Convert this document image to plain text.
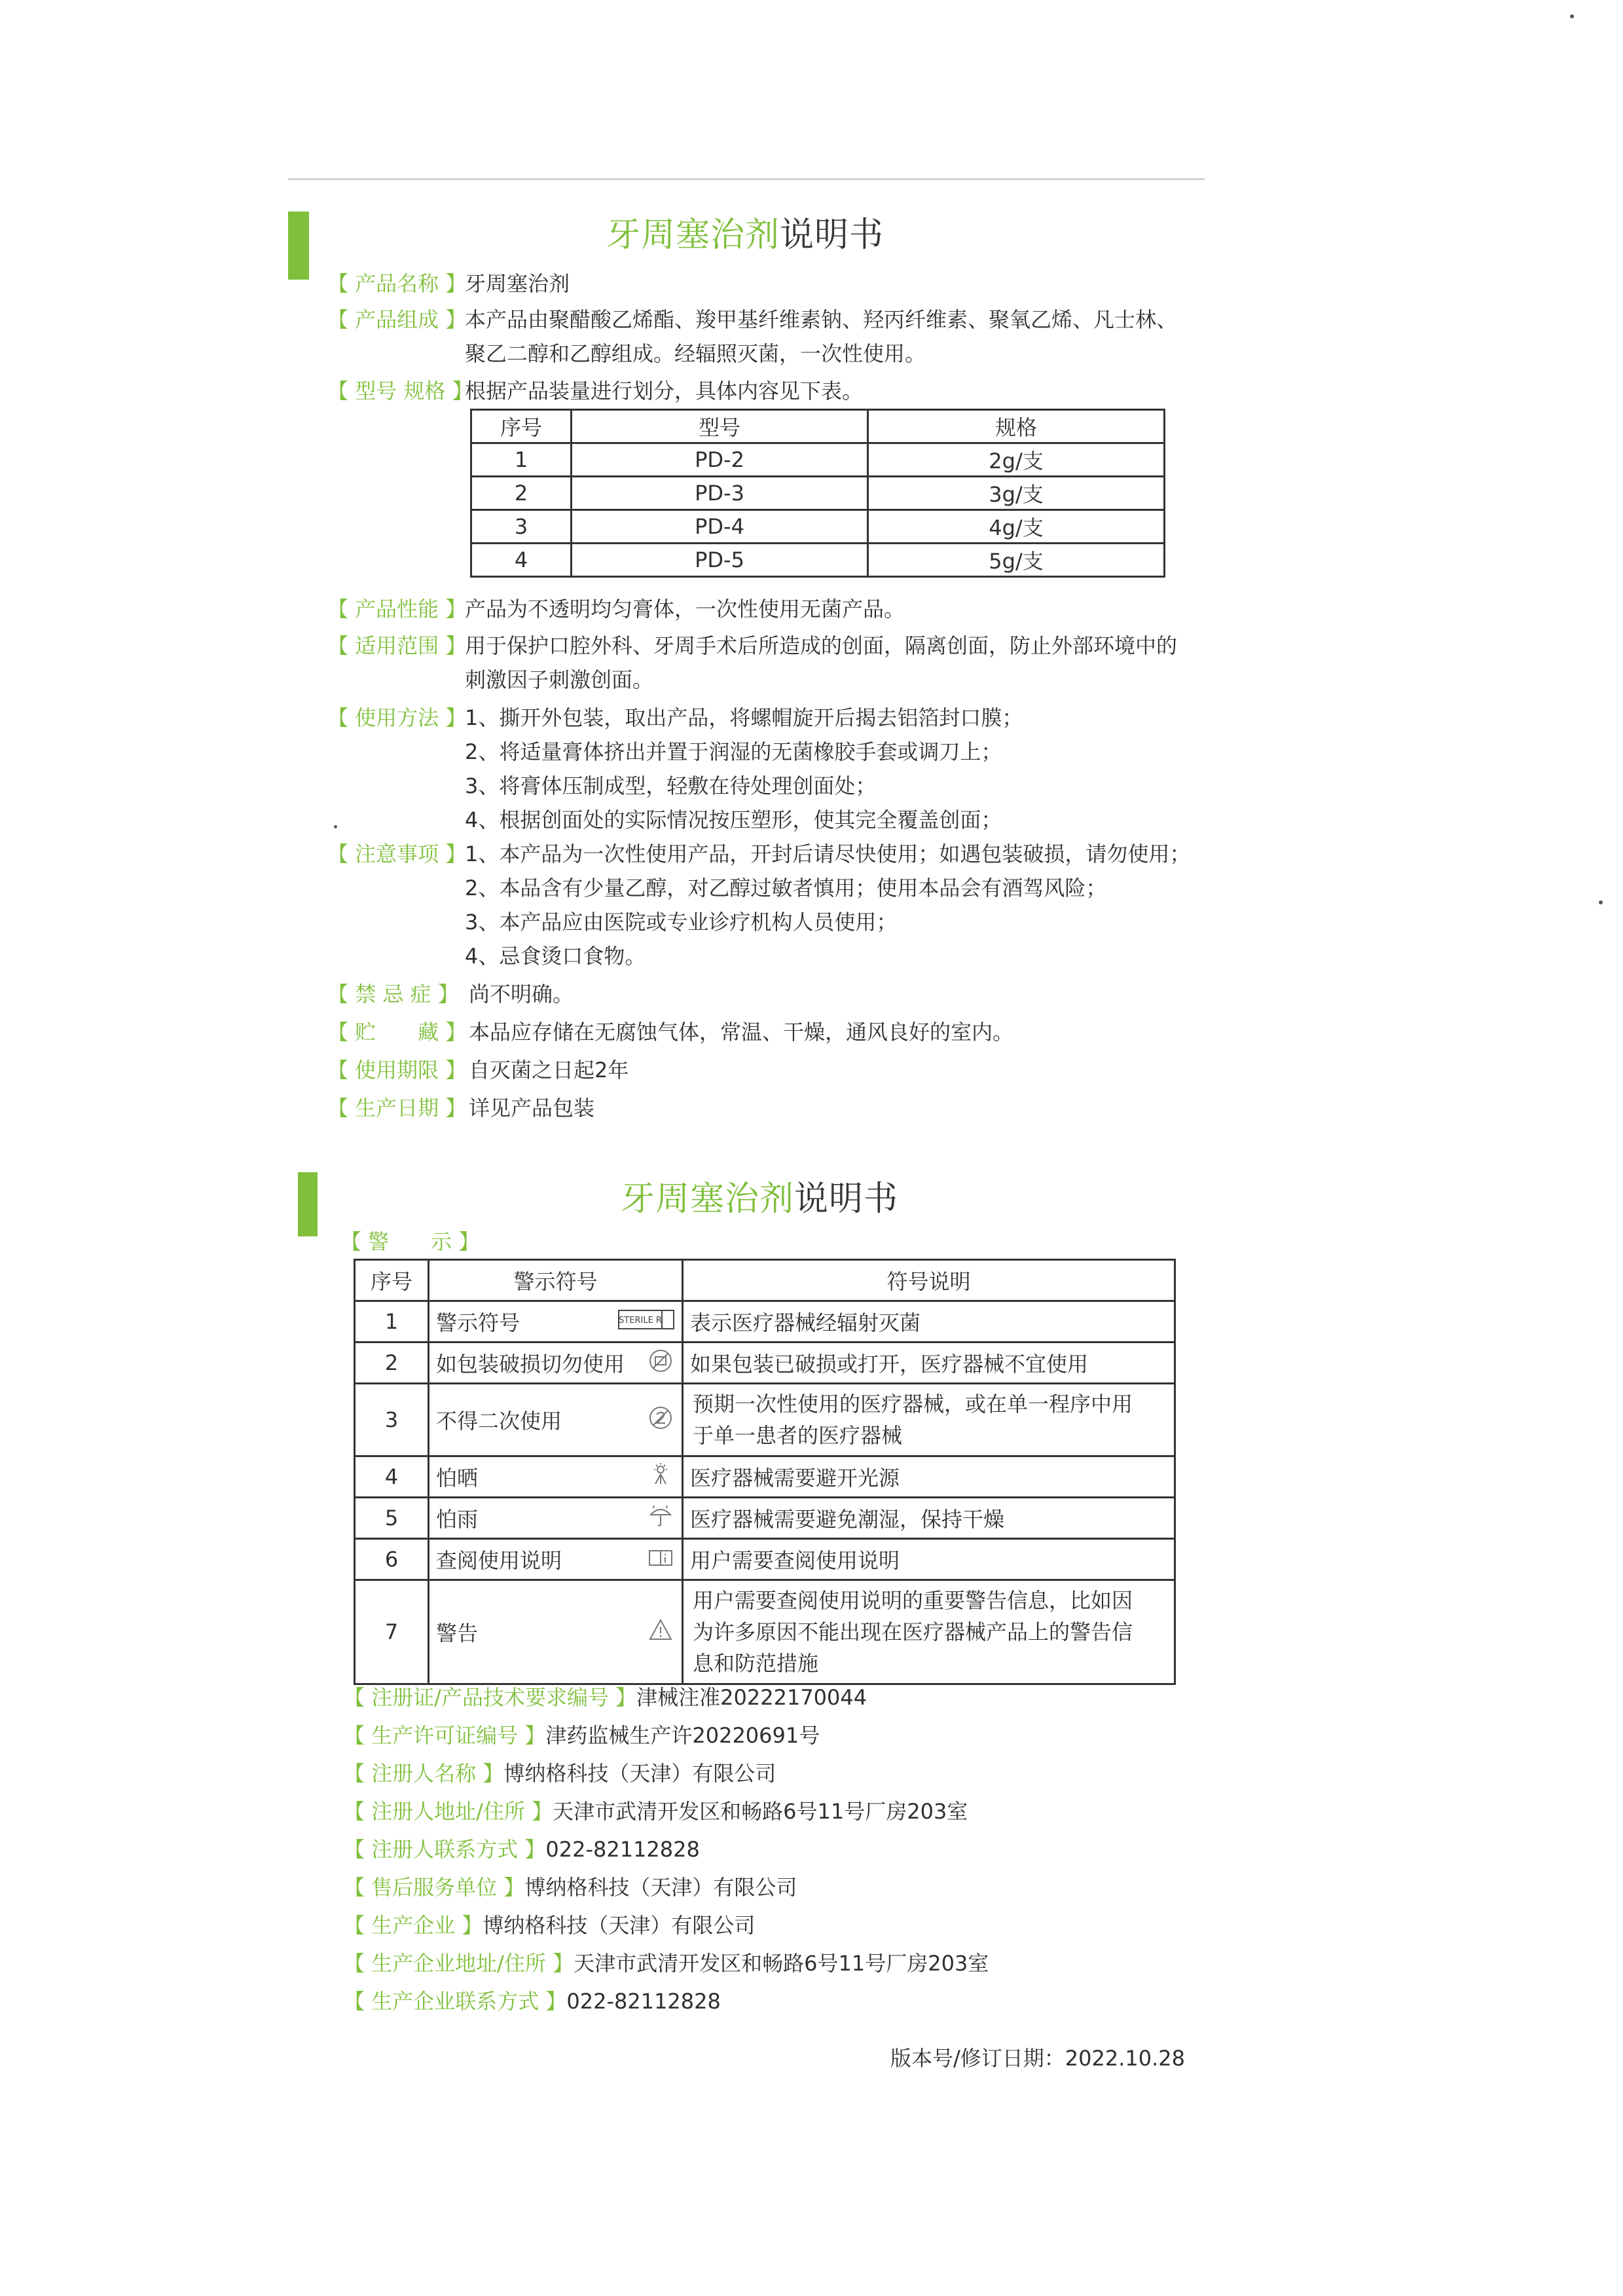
牙周塞治剂说明书
【 产品名称 】牙周塞治剂
【 产品组成 】本产品由聚醋酸乙烯酯、羧甲基纤维素钠、羟丙纤维素、聚氧乙烯、凡士林、
聚乙二醇和乙醇组成。经辐照灭菌，一次性使用。
【 型号 规格 】根据产品装量进行划分，具体内容见下表。
序号	型号	规格
1	PD-2	2g/支
2	PD-3	3g/支
3	PD-4	4g/支
4	PD-5	5g/支
【 产品性能 】产品为不透明均匀膏体，一次性使用无菌产品。
【 适用范围 】用于保护口腔外科、牙周手术后所造成的创面，隔离创面，防止外部环境中的
刺激因子刺激创面。
【 使用方法 】1、撕开外包装，取出产品，将螺帽旋开后揭去铝箔封口膜；
2、将适量膏体挤出并置于润湿的无菌橡胶手套或调刀上；
3、将膏体压制成型，轻敷在待处理创面处；
4、根据创面处的实际情况按压塑形，使其完全覆盖创面；
【 注意事项 】1、本产品为一次性使用产品，开封后请尽快使用；如遇包装破损，请勿使用；
2、本品含有少量乙醇，对乙醇过敏者慎用；使用本品会有酒驾风险；
3、本产品应由医院或专业诊疗机构人员使用；
4、忌食烫口食物。
【 禁 忌 症 】 尚不明确。
【 贮　　藏 】 本品应存储在无腐蚀气体，常温、干燥，通风良好的室内。
【 使用期限 】 自灭菌之日起2年
【 生产日期 】 详见产品包装
牙周塞治剂说明书
【 警　　示 】
序号	警示符号	符号说明
1	警示符号 STERILE R	表示医疗器械经辐射灭菌
2	如包装破损切勿使用	如果包装已破损或打开，医疗器械不宜使用
3	不得二次使用	预期一次性使用的医疗器械，或在单一程序中用
于单一患者的医疗器械

4	怕晒	医疗器械需要避开光源
5	怕雨	医疗器械需要避免潮湿，保持干燥
6	查阅使用说明	用户需要查阅使用说明
7	警告	用户需要查阅使用说明的重要警告信息，比如因
为许多原因不能出现在医疗器械产品上的警告信
息和防范措施
【 注册证/产品技术要求编号 】津械注准20222170044
【 生产许可证编号 】津药监械生产许20220691号
【 注册人名称 】博纳格科技（天津）有限公司
【 注册人地址/住所 】天津市武清开发区和畅路6号11号厂房203室
【 注册人联系方式 】022-82112828
【 售后服务单位 】博纳格科技（天津）有限公司
【 生产企业 】博纳格科技（天津）有限公司
【 生产企业地址/住所 】天津市武清开发区和畅路6号11号厂房203室
【 生产企业联系方式 】022-82112828
版本号/修订日期：2022.10.28
